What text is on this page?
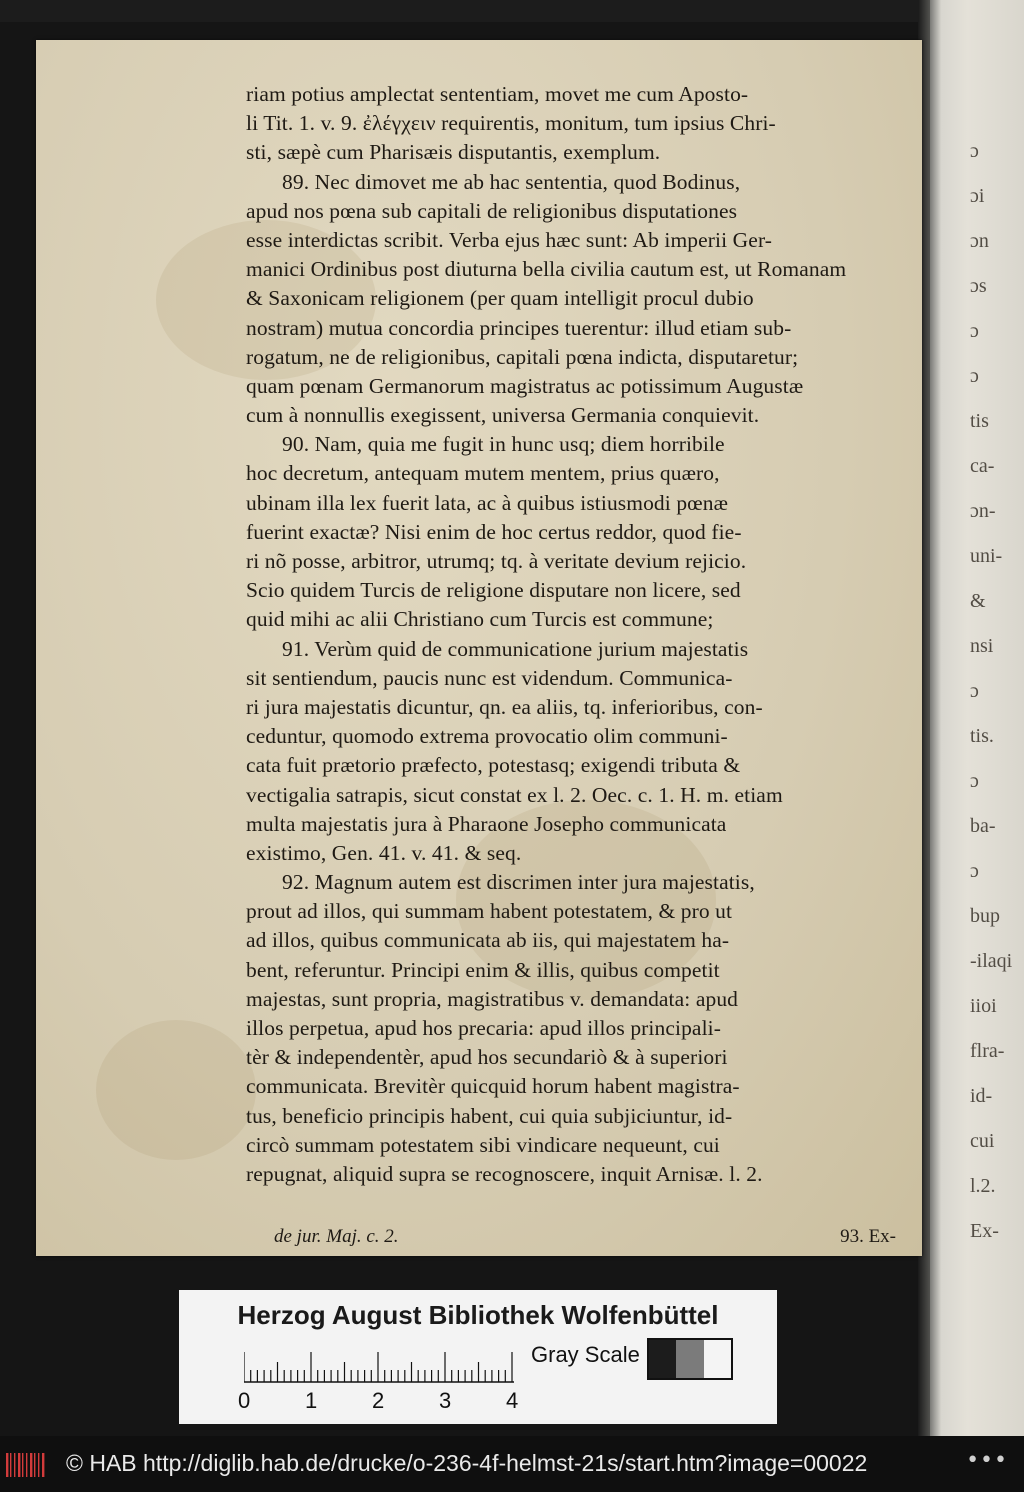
ɔ
ɔi
ɔn
ɔs
ɔ
ɔ
tis
ca-
ɔn-
uni-
&
nsi
ɔ
tis.
ɔ
ba-
ɔ
bup
-ilaqi
iioi
flra-
id-
cui
l.2.
Ex-
riam potius amplectat sententiam, movet me cum Aposto-
li Tit. 1. v. 9. ἐλέγχειν requirentis, monitum, tum ipsius Chri-
sti, sæpè cum Pharisæis disputantis, exemplum.
89. Nec dimovet me ab hac sententia, quod Bodinus,
apud nos pœna sub capitali de religionibus disputationes
esse interdictas scribit. Verba ejus hæc sunt: Ab imperii Ger-
manici Ordinibus post diuturna bella civilia cautum est, ut Romanam
& Saxonicam religionem (per quam intelligit procul dubio
nostram) mutua concordia principes tuerentur: illud etiam sub-
rogatum, ne de religionibus, capitali pœna indicta, disputaretur;
quam pœnam Germanorum magistratus ac potissimum Augustæ
cum à nonnullis exegissent, universa Germania conquievit.
90. Nam, quia me fugit in hunc usq; diem horribile
hoc decretum, antequam mutem mentem, prius quæro,
ubinam illa lex fuerit lata, ac à quibus istiusmodi pœnæ
fuerint exactæ? Nisi enim de hoc certus reddor, quod fie-
ri nõ posse, arbitror, utrumq; tq. à veritate devium rejicio.
Scio quidem Turcis de religione disputare non licere, sed
quid mihi ac alii Christiano cum Turcis est commune;
91. Verùm quid de communicatione jurium majestatis
sit sentiendum, paucis nunc est videndum. Communica-
ri jura majestatis dicuntur, qn. ea aliis, tq. inferioribus, con-
ceduntur, quomodo extrema provocatio olim communi-
cata fuit prætorio præfecto, potestasq; exigendi tributa &
vectigalia satrapis, sicut constat ex l. 2. Oec. c. 1. H. m. etiam
multa majestatis jura à Pharaone Josepho communicata
existimo, Gen. 41. v. 41. & seq.
92. Magnum autem est discrimen inter jura majestatis,
prout ad illos, qui summam habent potestatem, & pro ut
ad illos, quibus communicata ab iis, qui majestatem ha-
bent, referuntur. Principi enim & illis, quibus competit
majestas, sunt propria, magistratibus v. demandata: apud
illos perpetua, apud hos precaria: apud illos principali-
tèr & independentèr, apud hos secundariò & à superiori
communicata. Brevitèr quicquid horum habent magistra-
tus, beneficio principis habent, cui quia subjiciuntur, id-
circò summam potestatem sibi vindicare nequeunt, cui
repugnat, aliquid supra se recognoscere, inquit Arnisæ. l. 2.
de jur. Maj. c. 2.	93. Ex-
Herzog August Bibliothek Wolfenbüttel
0 1 2 3 4
Gray Scale
© HAB http://diglib.hab.de/drucke/o-236-4f-helmst-21s/start.htm?image=00022	•••
